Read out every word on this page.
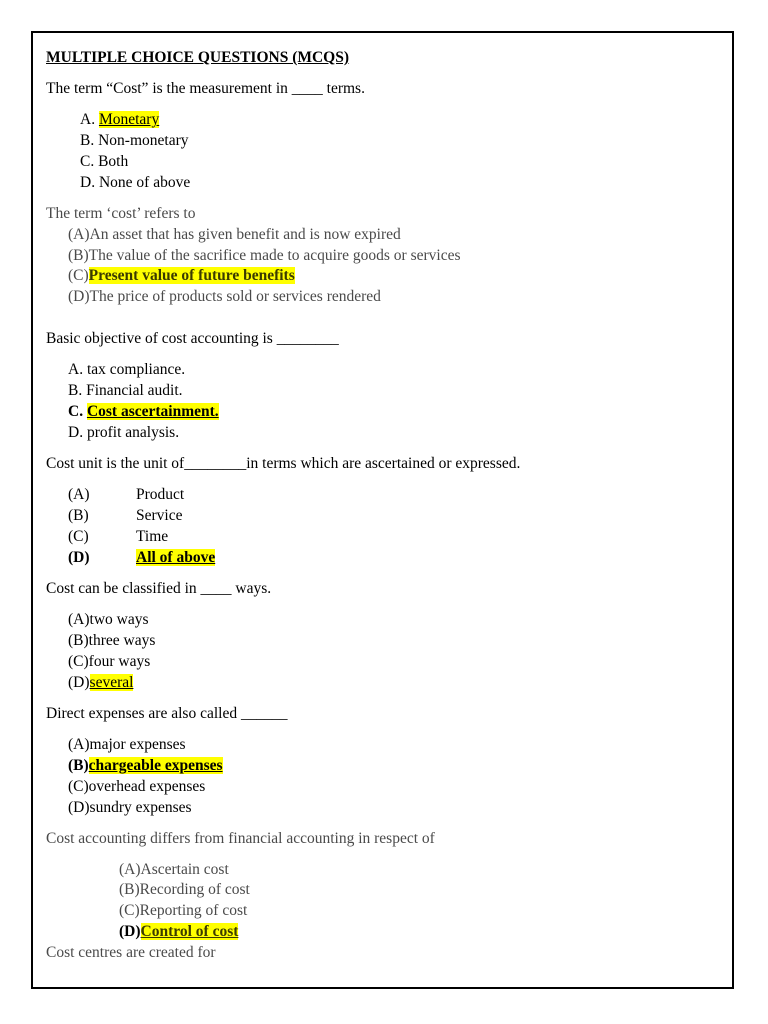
MULTIPLE CHOICE QUESTIONS (MCQS)
The term “Cost” is the measurement in ____ terms.
A. Monetary
B. Non-monetary
C. Both
D. None of above
The term ‘cost’ refers to
(A)An asset that has given benefit and is now expired
(B)The value of the sacrifice made to acquire goods or services
(C)Present value of future benefits
(D)The price of products sold or services rendered
Basic objective of cost accounting is ________
A. tax compliance.
B. Financial audit.
C. Cost ascertainment.
D. profit analysis.
Cost unit is the unit of________in terms which are ascertained or expressed.
(A)	Product
(B)	Service
(C)	Time
(D)	All of above
Cost can be classified in ____ ways.
(A)two ways
(B)three ways
(C)four ways
(D)several
Direct expenses are also called ______
(A)major expenses
(B)chargeable expenses
(C)overhead expenses
(D)sundry expenses
Cost accounting differs from financial accounting in respect of
(A)Ascertain cost
(B)Recording of cost
(C)Reporting of cost
(D)Control of cost
Cost centres are created for
